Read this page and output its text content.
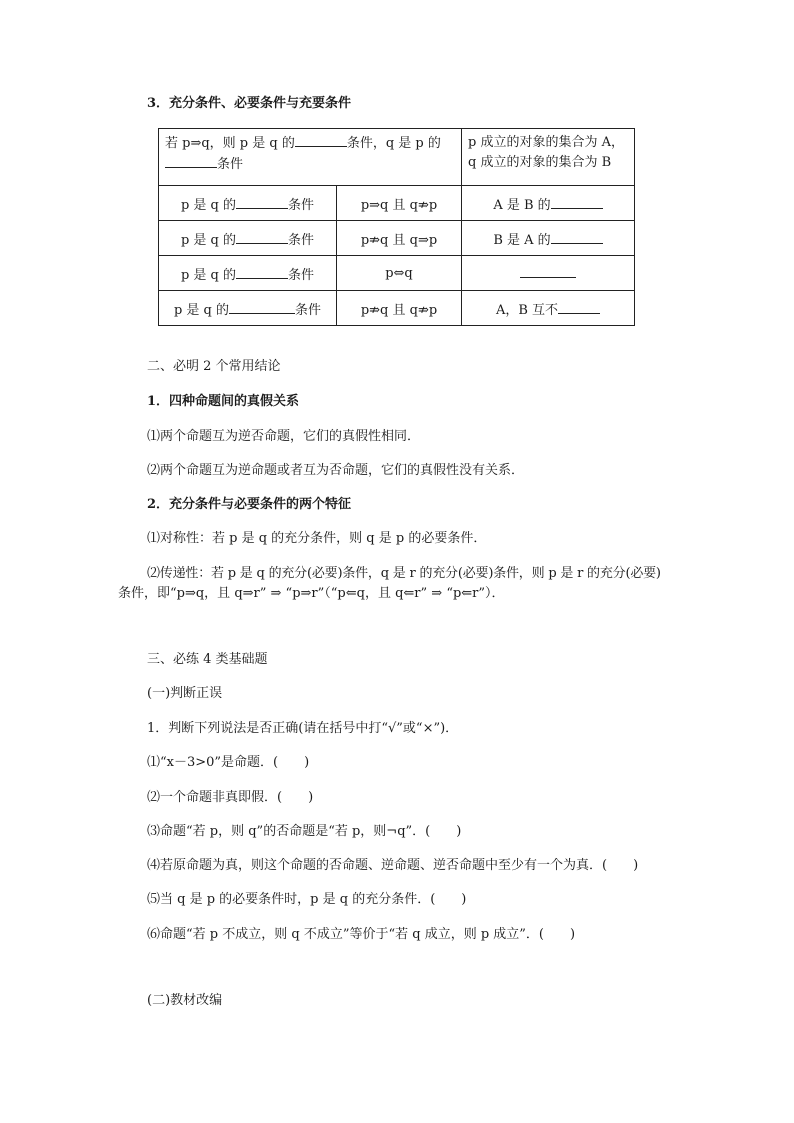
3．充分条件、必要条件与充要条件
若 p⇒q，则 p 是 q 的 条件，q 是 p 的
条件		p 成立的对象的集合为 A，
q 成立的对象的集合为 B
p 是 q 的 条件	p⇒q 且 q⇏p	A 是 B 的
p 是 q 的 条件	p⇏q 且 q⇒p	B 是 A 的
p 是 q 的 条件	p⇔q	
p 是 q 的 条件	p⇏q 且 q⇏p	A，B 互不
二、必明 2 个常用结论
1．四种命题间的真假关系
⑴两个命题互为逆否命题，它们的真假性相同．
⑵两个命题互为逆命题或者互为否命题，它们的真假性没有关系．
2．充分条件与必要条件的两个特征
⑴对称性：若 p 是 q 的充分条件，则 q 是 p 的必要条件．
⑵传递性：若 p 是 q 的充分(必要)条件，q 是 r 的充分(必要)条件，则 p 是 r 的充分(必要)
条件，即“p⇒q，且 q⇒r” ⇒ “p⇒r”（“p⇐q，且 q⇐r” ⇒ “p⇐r”）．
三、必练 4 类基础题
(一)判断正误
1．判断下列说法是否正确(请在括号中打“√”或“×”)．
⑴“x－3>0”是命题．(　　)
⑵一个命题非真即假．(　　)
⑶命题“若 p，则 q”的否命题是“若 p，则¬q”．(　　)
⑷若原命题为真，则这个命题的否命题、逆命题、逆否命题中至少有一个为真．(　　)
⑸当 q 是 p 的必要条件时，p 是 q 的充分条件．(　　)
⑹命题“若 p 不成立，则 q 不成立”等价于“若 q 成立，则 p 成立”．(　　)
(二)教材改编
